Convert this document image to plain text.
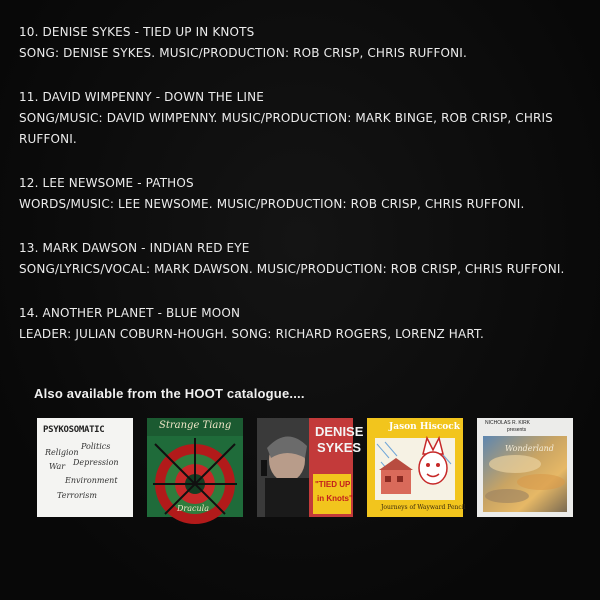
10. DENISE SYKES - TIED UP IN KNOTS

SONG: DENISE SYKES. MUSIC/PRODUCTION: ROB CRISP, CHRIS RUFFONI.

11. DAVID WIMPENNY - DOWN THE LINE

SONG/MUSIC: DAVID WIMPENNY. MUSIC/PRODUCTION: MARK BINGE, ROB CRISP, CHRIS RUFFONI.

12. LEE NEWSOME - PATHOS

WORDS/MUSIC: LEE NEWSOME. MUSIC/PRODUCTION: ROB CRISP, CHRIS RUFFONI.

13. MARK DAWSON - INDIAN RED EYE

SONG/LYRICS/VOCAL: MARK DAWSON. MUSIC/PRODUCTION: ROB CRISP, CHRIS RUFFONI.

14. ANOTHER PLANET - BLUE MOON

LEADER: JULIAN COBURN-HOUGH. SONG: RICHARD ROGERS, LORENZ HART.

Also available from the HOOT catalogue....
PSYKOSOMATIC
Religion
Politics
War Depression
Environment
Terrorism
Strange Tiang
Dracula
DENISE
SYKES
"TIED UP
in Knots"
Jason Hiscock
Journeys of Wayward Pencil
NICHOLAS R. KIRK
presents
Wonderland
